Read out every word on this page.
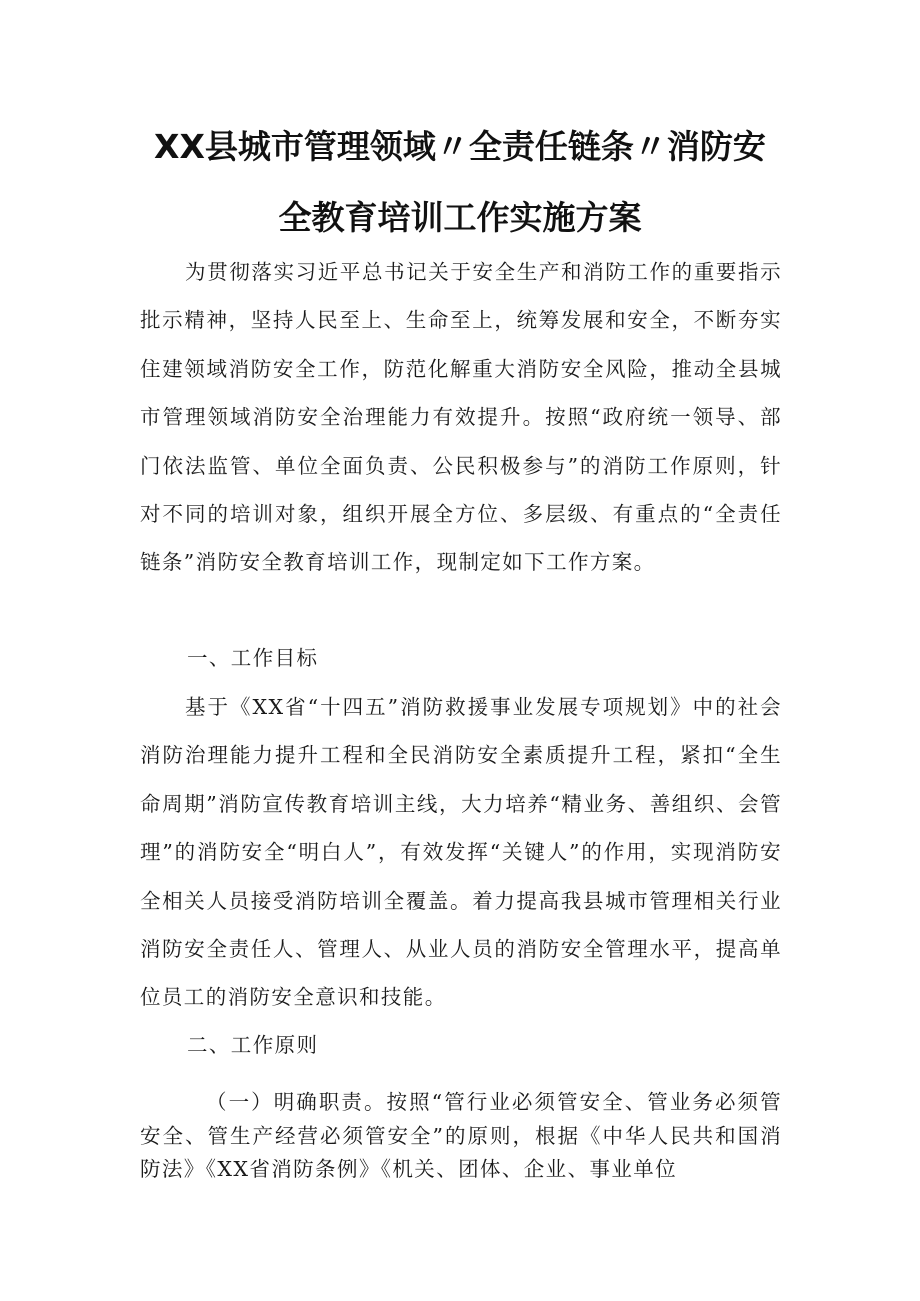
XX县城市管理领域〃全责任链条〃消防安
全教育培训工作实施方案
为贯彻落实习近平总书记关于安全生产和消防工作的重要指示批示精神，坚持人民至上、生命至上，统筹发展和安全，不断夯实住建领域消防安全工作，防范化解重大消防安全风险，推动全县城市管理领域消防安全治理能力有效提升。按照“政府统一领导、部门依法监管、单位全面负责、公民积极参与”的消防工作原则，针对不同的培训对象，组织开展全方位、多层级、有重点的“全责任链条”消防安全教育培训工作，现制定如下工作方案。
一、工作目标
基于《XX省“十四五”消防救援事业发展专项规划》中的社会消防治理能力提升工程和全民消防安全素质提升工程，紧扣“全生命周期”消防宣传教育培训主线，大力培养“精业务、善组织、会管理”的消防安全“明白人”，有效发挥“关键人”的作用，实现消防安全相关人员接受消防培训全覆盖。着力提高我县城市管理相关行业消防安全责任人、管理人、从业人员的消防安全管理水平，提高单位员工的消防安全意识和技能。
二、工作原则
（一）明确职责。按照“管行业必须管安全、管业务必须管安全、管生产经营必须管安全”的原则，根据《中华人民共和国消防法》《XX省消防条例》《机关、团体、企业、事业单位
